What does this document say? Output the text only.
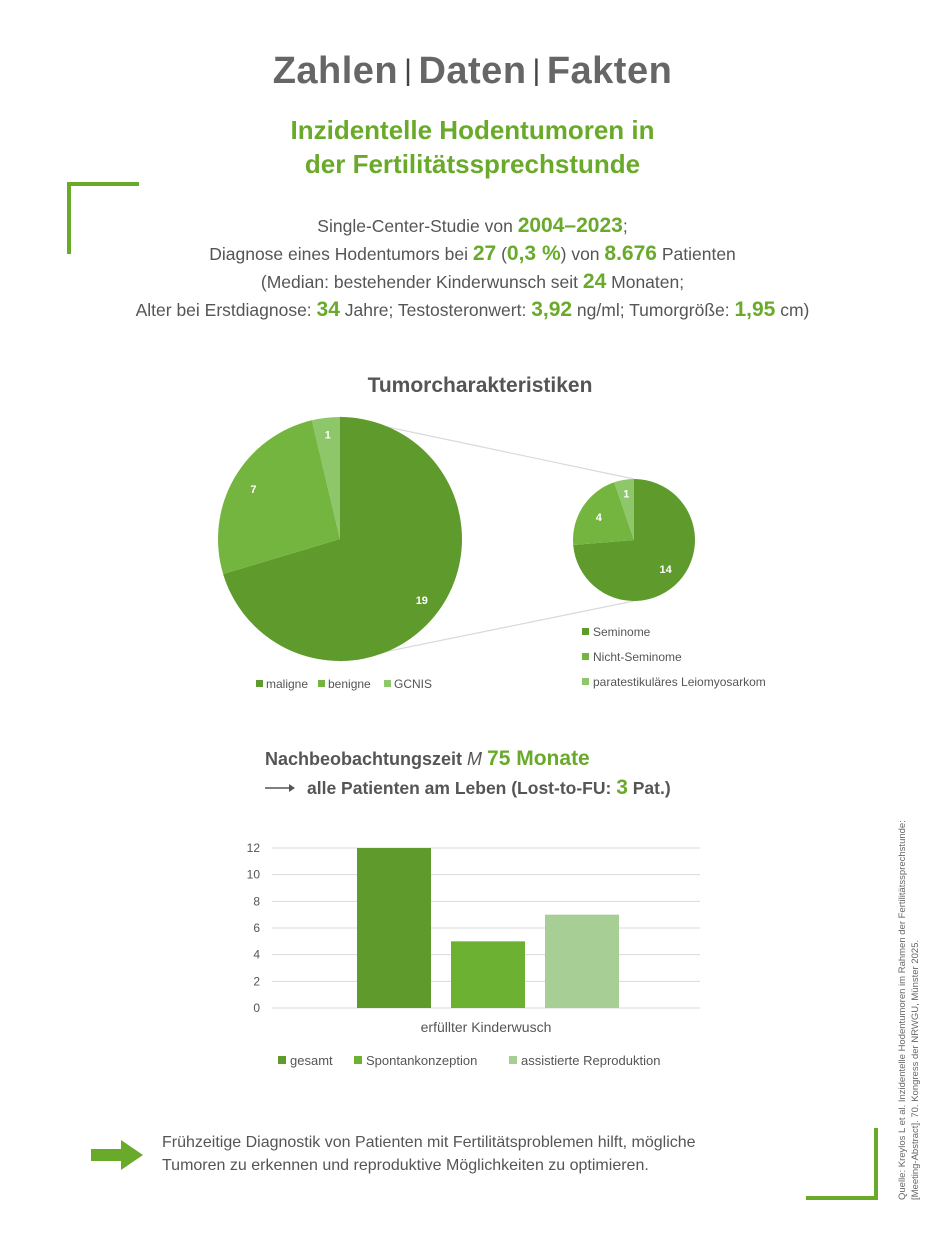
Zahlen | Daten | Fakten
Inzidentelle Hodentumoren in
der Fertilitätssprechstunde
Single-Center-Studie von 2004–2023;
Diagnose eines Hodentumors bei 27 (0,3 %) von 8.676 Patienten
(Median: bestehender Kinderwunsch seit 24 Monaten;
Alter bei Erstdiagnose: 34 Jahre; Testosteronwert: 3,92 ng/ml; Tumorgröße: 1,95 cm)
Tumorcharakteristiken
19
7
1
14
4
1
maligne benigne GCNIS
Seminome
Nicht-Seminome
paratestikuläres Leiomyosarkom
Nachbeobachtungszeit M 75 Monate
alle Patienten am Leben (Lost-to-FU: 3 Pat.)
0
2
4
6
8
10
12
erfüllter Kinderwusch
gesamt	Spontankonzeption	assistierte Reproduktion
Frühzeitige Diagnostik von Patienten mit Fertilitätsproblemen hilft, mögliche
Tumoren zu erkennen und reproduktive Möglichkeiten zu optimieren.	Quelle: Kreylos L et al. Inzidentelle Hodentumoren im Rahmen der Fertilitätssprechstunde: [Meeting-Abstract]. 70. Kongress der NRWGU, Münster 2025.
